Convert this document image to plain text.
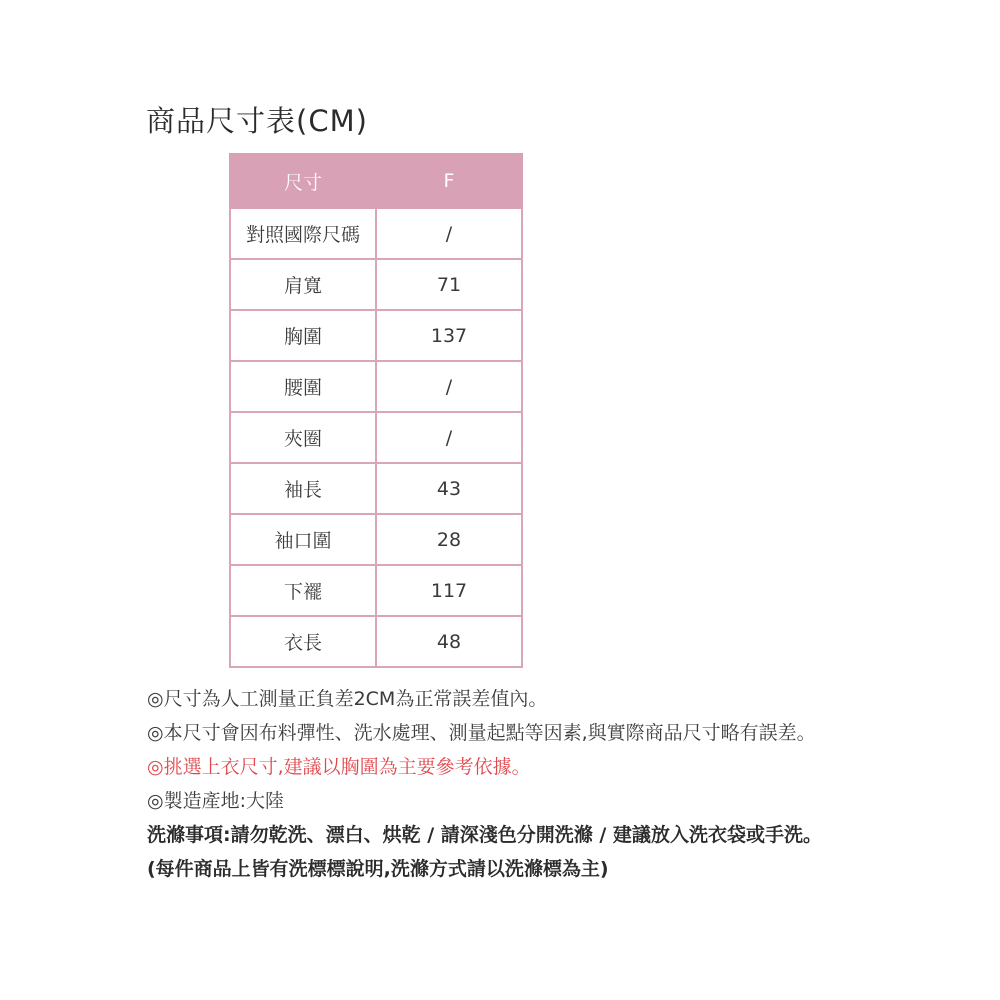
商品尺寸表(CM)
尺寸	F
對照國際尺碼	/
肩寬	71
胸圍	137
腰圍	/
夾圈	/
袖長	43
袖口圍	28
下襬	117
衣長	48
◎尺寸為人工測量正負差2CM為正常誤差值內。
◎本尺寸會因布料彈性、洗水處理、測量起點等因素,與實際商品尺寸略有誤差。
◎挑選上衣尺寸,建議以胸圍為主要參考依據。
◎製造產地:大陸
洗滌事項:請勿乾洗、漂白、烘乾 / 請深淺色分開洗滌 / 建議放入洗衣袋或手洗。
(每件商品上皆有洗標標說明,洗滌方式請以洗滌標為主)
